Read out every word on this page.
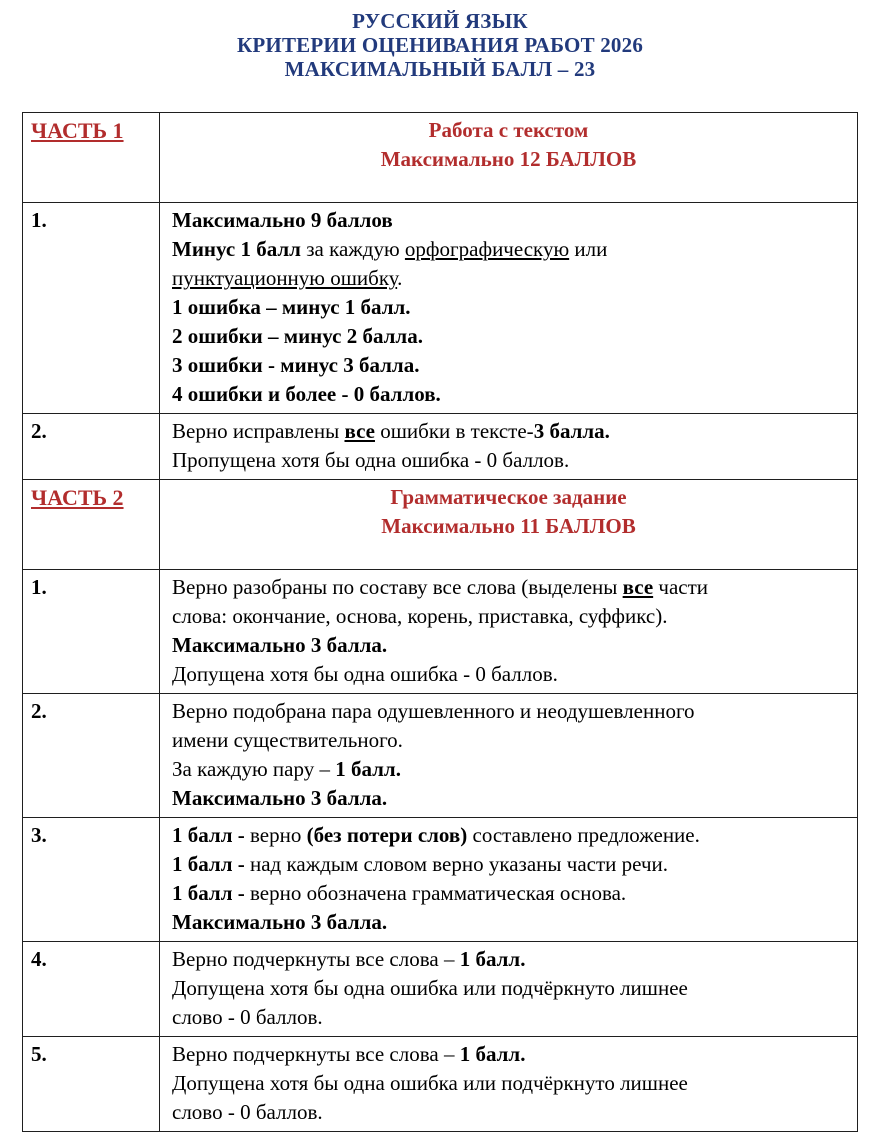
РУССКИЙ ЯЗЫК
КРИТЕРИИ ОЦЕНИВАНИЯ РАБОТ 2026
МАКСИМАЛЬНЫЙ БАЛЛ – 23
ЧАСТЬ 1	Работа с текстом
Максимально 12 БАЛЛОВ
1.	Максимально 9 баллов
Минус 1 балл за каждую орфографическую или
пунктуационную ошибку.
1 ошибка – минус 1 балл.
2 ошибки – минус 2 балла.
3 ошибки - минус 3 балла.
4 ошибки и более - 0 баллов.
2.	Верно исправлены все ошибки в тексте-3 балла.
Пропущена хотя бы одна ошибка - 0 баллов.
ЧАСТЬ 2	Грамматическое задание
Максимально 11 БАЛЛОВ
1.	Верно разобраны по составу все слова (выделены все части
слова: окончание, основа, корень, приставка, суффикс).
Максимально 3 балла.
Допущена хотя бы одна ошибка - 0 баллов.
2.	Верно подобрана пара одушевленного и неодушевленного
имени существительного.
За каждую пару – 1 балл.
Максимально 3 балла.
3.	1 балл - верно (без потери слов) составлено предложение.
1 балл - над каждым словом верно указаны части речи.
1 балл - верно обозначена грамматическая основа.
Максимально 3 балла.
4.	Верно подчеркнуты все слова – 1 балл.
Допущена хотя бы одна ошибка или подчёркнуто лишнее
слово - 0 баллов.
5.	Верно подчеркнуты все слова – 1 балл.
Допущена хотя бы одна ошибка или подчёркнуто лишнее
слово - 0 баллов.
